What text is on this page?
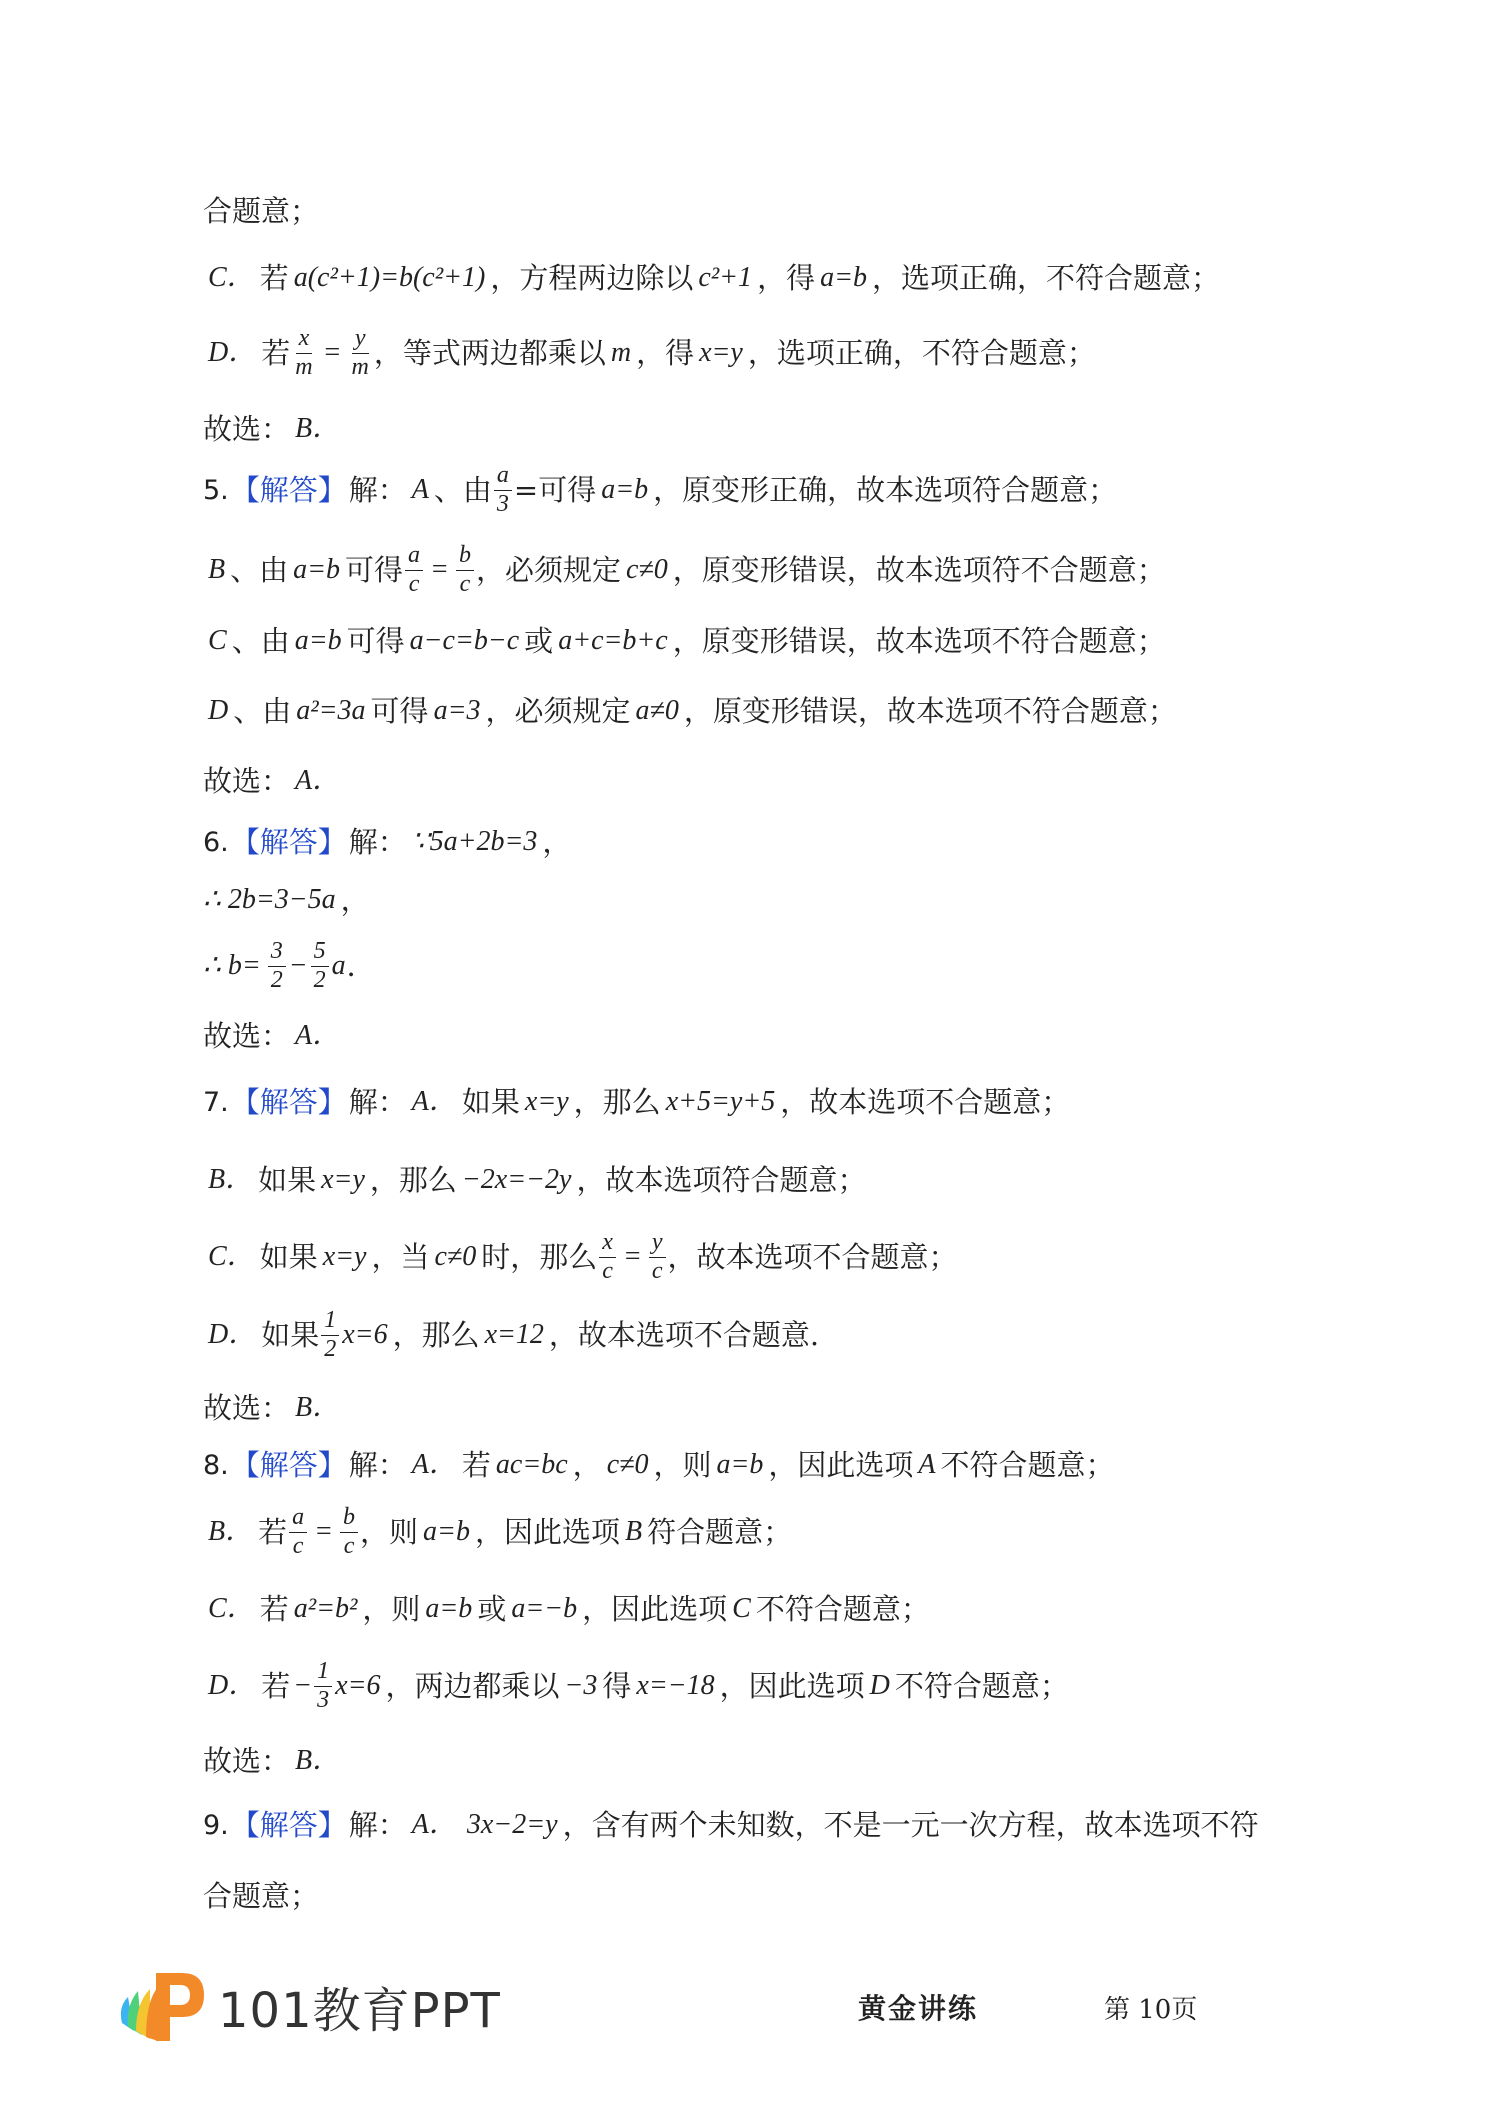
合题意；
C． 若 a(c²+1)=b(c²+1) ，方程两边除以 c²+1 ，得 a=b ，选项正确，不符合题意；
D． 若 $\frac{x}{m} = \frac{y}{m}$ ，等式两边都乘以 m ，得 x=y ，选项正确，不符合题意；
故选： B．
5. 【解答】 解： A 、由 $\frac{a}{3}$ =可得 a=b ，原变形正确，故本选项符合题意；
B 、由 a=b 可得 $\frac{a}{c} = \frac{b}{c}$ ，必须规定 c≠0 ，原变形错误，故本选项符不合题意；
C 、由 a=b 可得 a−c=b−c 或 a+c=b+c ，原变形错误，故本选项不符合题意；
D 、由 a²=3a 可得 a=3 ，必须规定 a≠0 ，原变形错误，故本选项不符合题意；
故选： A．
6. 【解答】 解： ∵5a+2b=3 ，
∴ 2b=3−5a ，
∴ $b= \frac{3}{2} - \frac{5}{2}$ a ．
故选： A．
7. 【解答】 解： A． 如果 x=y ，那么 x+5=y+5 ，故本选项不合题意；
B． 如果 x=y ，那么 −2x=−2y ，故本选项符合题意；
C． 如果 x=y ，当 c≠0 时，那么 $\frac{x}{c} = \frac{y}{c}$ ，故本选项不合题意；
D． 如果 $\frac{1}{2} x=6$ ，那么 x=12 ，故本选项不合题意.
故选： B．
8. 【解答】 解： A． 若 ac=bc ， c≠0 ，则 a=b ，因此选项 A 不符合题意；
B． 若 $\frac{a}{c} = \frac{b}{c}$ ，则 a=b ，因此选项 B 符合题意；
C． 若 a²=b² ，则 a=b 或 a=−b ，因此选项 C 不符合题意；
D． 若 − $\frac{1}{3} x=6$ ，两边都乘以 −3 得 x=−18 ，因此选项 D 不符合题意；
故选： B．
9. 【解答】 解： A． 3x−2=y ，含有两个未知数，不是一元一次方程，故本选项不符
合题意；
101教育PPT	黄金讲练	第 10页
